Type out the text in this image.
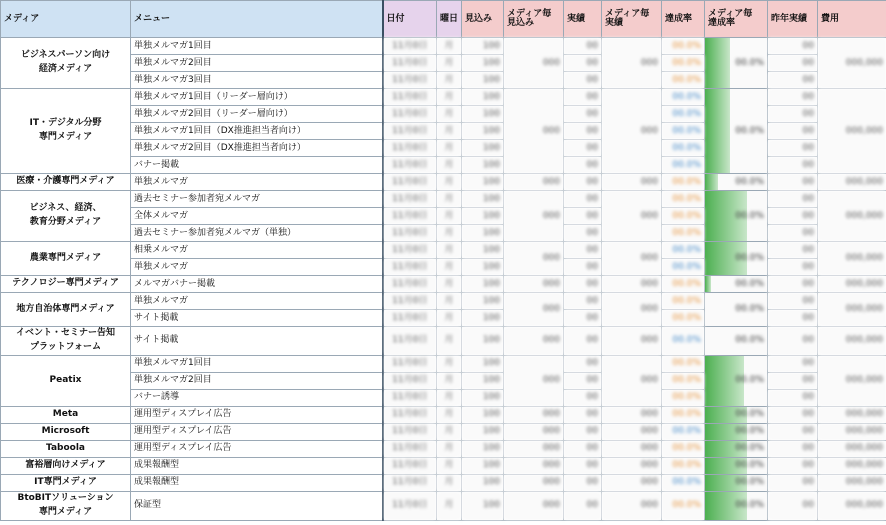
メディア	メニュー	日付	曜日	見込み	メディア毎 見込み	実績	メディア毎 実績	達成率	メディア毎 達成率	昨年実績	費用
ビジネスパーソン向け
経済メディア	単独メルマガ1回目	11月0日	月	100	000	00	000	00.0%	00.0%	00	000,000
	単独メルマガ2回目	11月0日	月	100		00		00.0%		00	
	単独メルマガ3回目	11月0日	月	100		00		00.0%		00	
IT・デジタル分野
専門メディア	単独メルマガ1回目（リーダー層向け）	11月0日	月	100	000	00	000	00.0%	00.0%	00	000,000
	単独メルマガ2回目（リーダー層向け）	11月0日	月	100		00		00.0%		00	
	単独メルマガ1回目（DX推進担当者向け）	11月0日	月	100		00		00.0%		00	
	単独メルマガ2回目（DX推進担当者向け）	11月0日	月	100		00		00.0%		00	
	バナー掲載	11月0日	月	100		00		00.0%		00	
医療・介護専門メディア	単独メルマガ	11月0日	月	100	000	00	000	00.0%	00.0%	00	000,000
ビジネス、経済、
教育分野メディア	過去セミナー参加者宛メルマガ	11月0日	月	100	000	00	000	00.0%	00.0%	00	000,000
	全体メルマガ	11月0日	月	100		00		00.0%		00	
	過去セミナー参加者宛メルマガ（単独）	11月0日	月	100		00		00.0%		00	
農業専門メディア	相乗メルマガ	11月0日	月	100	000	00	000	00.0%	00.0%	00	000,000
	単独メルマガ	11月0日	月	100		00		00.0%		00	
テクノロジー専門メディア	メルマガバナー掲載	11月0日	月	100	000	00	000	00.0%	00.0%	00	000,000
地方自治体専門メディア	単独メルマガ	11月0日	月	100	000	00	000	00.0%	00.0%	00	000,000
	サイト掲載	11月0日	月	100		00		00.0%		00	
イベント・セミナー告知
プラットフォーム	サイト掲載	11月0日	月	100	000	00	000	00.0%	00.0%	00	000,000
Peatix	単独メルマガ1回目	11月0日	月	100	000	00	000	00.0%	00.0%	00	000,000
	単独メルマガ2回目	11月0日	月	100		00		00.0%		00	
	バナー誘導	11月0日	月	100		00		00.0%		00	
Meta	運用型ディスプレイ広告	11月0日	月	100	000	00	000	00.0%	00.0%	00	000,000
Microsoft	運用型ディスプレイ広告	11月0日	月	100	000	00	000	00.0%	00.0%	00	000,000
Taboola	運用型ディスプレイ広告	11月0日	月	100	000	00	000	00.0%	00.0%	00	000,000
富裕層向けメディア	成果報酬型	11月0日	月	100	000	00	000	00.0%	00.0%	00	000,000
IT専門メディア	成果報酬型	11月0日	月	100	000	00	000	00.0%	00.0%	00	000,000
BtoBITソリューション
専門メディア	保証型	11月0日	月	100	000	00	000	00.0%	00.0%	00	000,000
